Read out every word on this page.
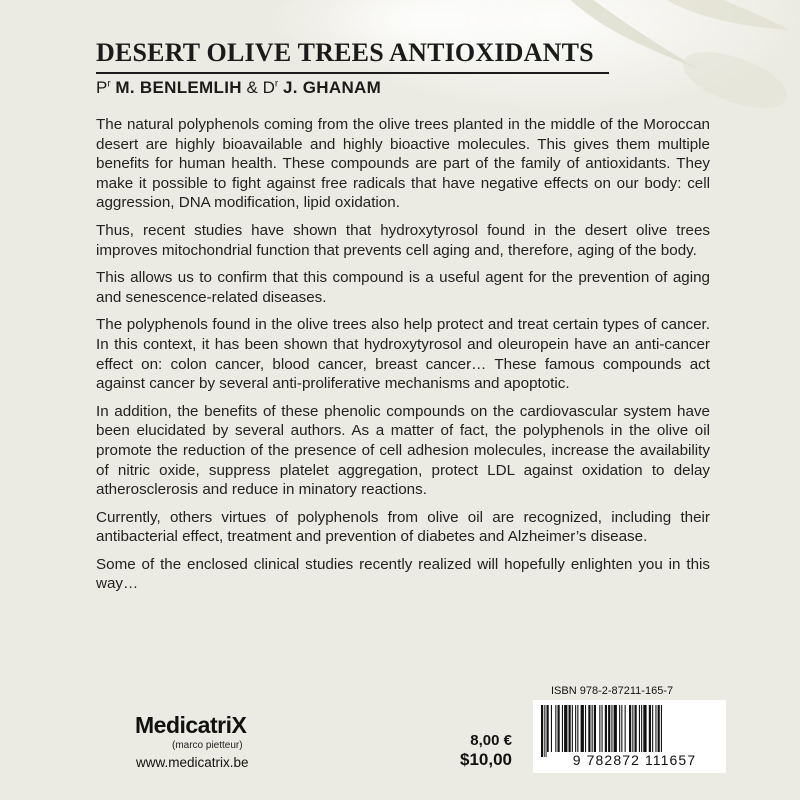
DESERT OLIVE TREES ANTIOXIDANTS
$P^r$ M. BENLEMLIH & $D^r$ J. GHANAM

The natural polyphenols coming from the olive trees planted in the middle of the Moroccan desert are highly bioavailable and highly bioactive molecules. This gives them multiple benefits for human health. These compounds are part of the family of antioxidants. They make it possible to fight against free radicals that have negative effects on our body: cell aggression, DNA modification, lipid oxidation.

Thus, recent studies have shown that hydroxytyrosol found in the desert olive trees improves mitochondrial function that prevents cell aging and, therefore, aging of the body.

This allows us to confirm that this compound is a useful agent for the prevention of aging and senescence-related diseases.

The polyphenols found in the olive trees also help protect and treat certain types of cancer. In this context, it has been shown that hydroxytyrosol and oleuropein have an anti-cancer effect on: colon cancer, blood cancer, breast cancer… These famous compounds act against cancer by several anti-proliferative mechanisms and apoptotic.

In addition, the benefits of these phenolic compounds on the cardiovascular system have been elucidated by several authors. As a matter of fact, the polyphenols in the olive oil promote the reduction of the presence of cell adhesion molecules, increase the availability of nitric oxide, suppress platelet aggregation, protect LDL against oxidation to delay atherosclerosis and reduce in minatory reactions.

Currently, others virtues of polyphenols from olive oil are recognized, including their antibacterial effect, treatment and prevention of diabetes and Alzheimer’s disease.

Some of the enclosed clinical studies recently realized will hopefully enlighten you in this way…

MedicatriX
(marco pietteur)
www.medicatrix.be
8,00 €
$10,00
ISBN 978-2-87211-165-7
9 782872 111657
